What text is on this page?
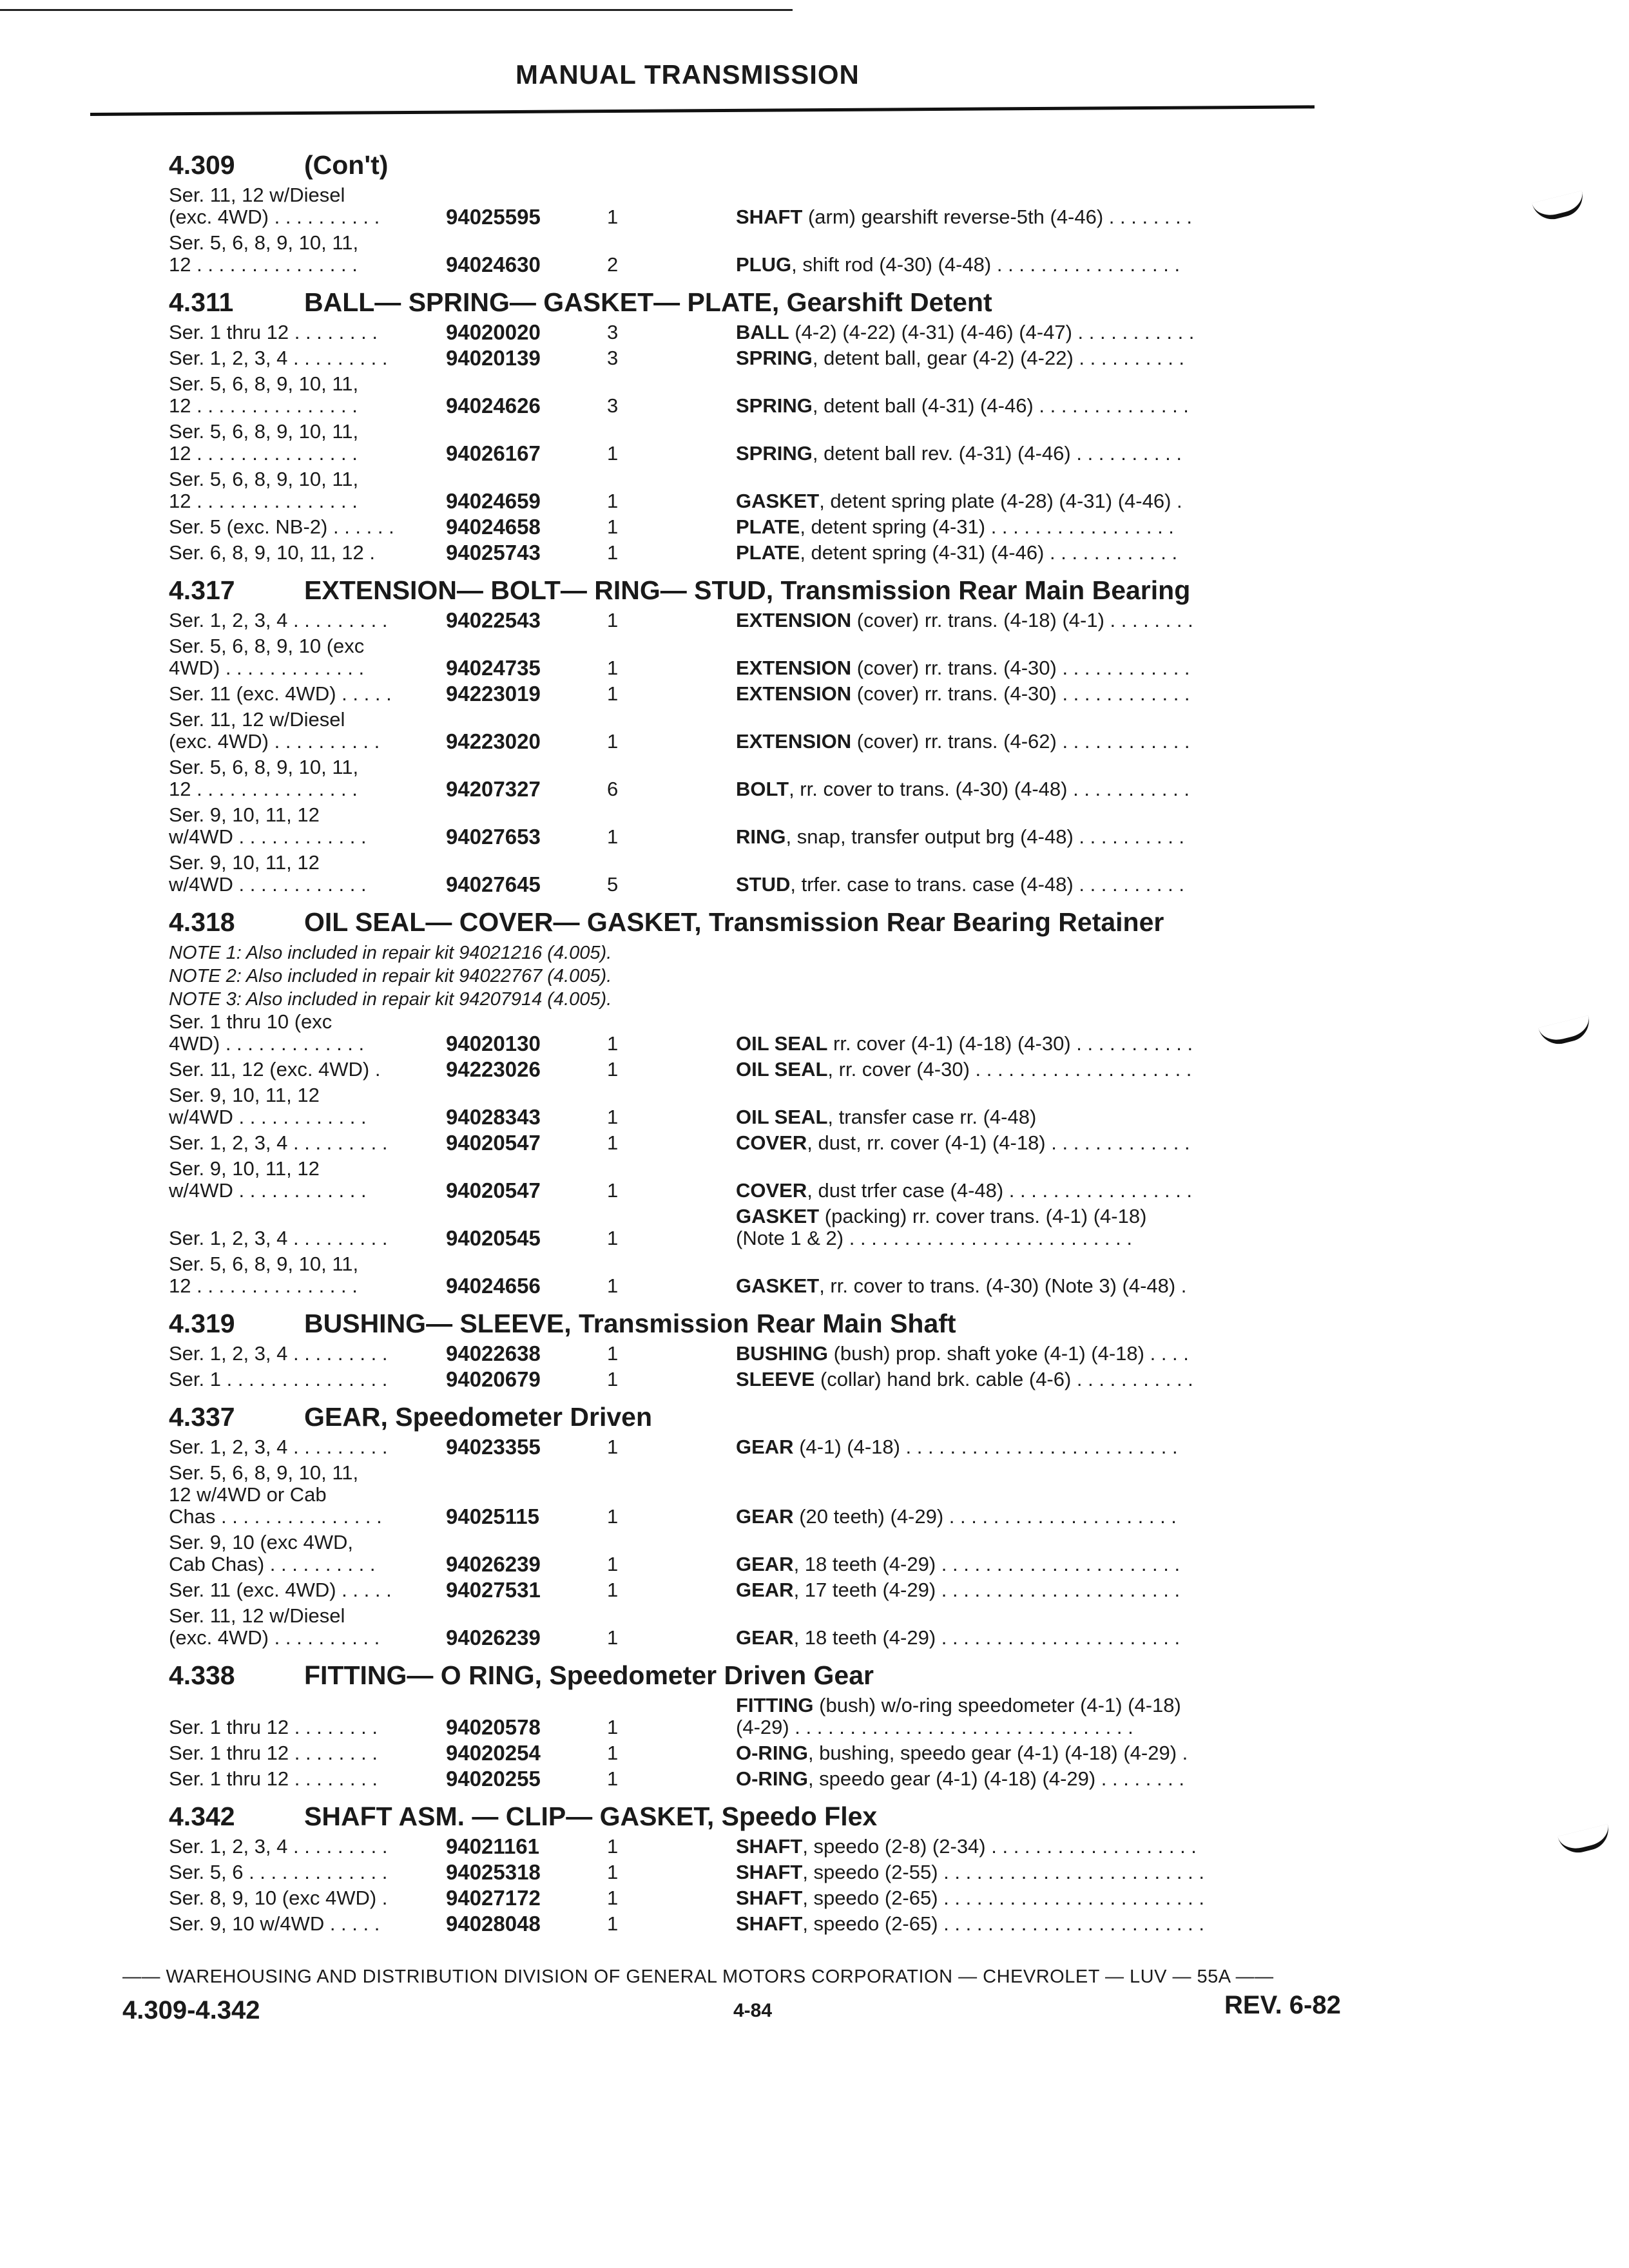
MANUAL TRANSMISSION
4.309	(Con't)
Ser. 11, 12 w/Diesel
(exc. 4WD) . . . . . . . . . .	94025595	1	SHAFT (arm) gearshift reverse-5th (4-46) . . . . . . . .
Ser. 5, 6, 8, 9, 10, 11,
12 . . . . . . . . . . . . . . .	94024630	2	PLUG, shift rod (4-30) (4-48) . . . . . . . . . . . . . . . . .
4.311	BALL— SPRING— GASKET— PLATE, Gearshift Detent
Ser. 1 thru 12 . . . . . . . .	94020020	3	BALL (4-2) (4-22) (4-31) (4-46) (4-47) . . . . . . . . . . .
Ser. 1, 2, 3, 4 . . . . . . . . .	94020139	3	SPRING, detent ball, gear (4-2) (4-22) . . . . . . . . . .
Ser. 5, 6, 8, 9, 10, 11,
12 . . . . . . . . . . . . . . .	94024626	3	SPRING, detent ball (4-31) (4-46) . . . . . . . . . . . . . .
Ser. 5, 6, 8, 9, 10, 11,
12 . . . . . . . . . . . . . . .	94026167	1	SPRING, detent ball rev. (4-31) (4-46) . . . . . . . . . .
Ser. 5, 6, 8, 9, 10, 11,
12 . . . . . . . . . . . . . . .	94024659	1	GASKET, detent spring plate (4-28) (4-31) (4-46) .
Ser. 5 (exc. NB-2) . . . . . .	94024658	1	PLATE, detent spring (4-31) . . . . . . . . . . . . . . . . .
Ser. 6, 8, 9, 10, 11, 12 .	94025743	1	PLATE, detent spring (4-31) (4-46) . . . . . . . . . . . .
4.317	EXTENSION— BOLT— RING— STUD, Transmission Rear Main Bearing
Ser. 1, 2, 3, 4 . . . . . . . . .	94022543	1	EXTENSION (cover) rr. trans. (4-18) (4-1) . . . . . . . .
Ser. 5, 6, 8, 9, 10 (exc
4WD) . . . . . . . . . . . . .	94024735	1	EXTENSION (cover) rr. trans. (4-30) . . . . . . . . . . . .
Ser. 11 (exc. 4WD) . . . . .	94223019	1	EXTENSION (cover) rr. trans. (4-30) . . . . . . . . . . . .
Ser. 11, 12 w/Diesel
(exc. 4WD) . . . . . . . . . .	94223020	1	EXTENSION (cover) rr. trans. (4-62) . . . . . . . . . . . .
Ser. 5, 6, 8, 9, 10, 11,
12 . . . . . . . . . . . . . . .	94207327	6	BOLT, rr. cover to trans. (4-30) (4-48) . . . . . . . . . . .
Ser. 9, 10, 11, 12
w/4WD . . . . . . . . . . . .	94027653	1	RING, snap, transfer output brg (4-48) . . . . . . . . . .
Ser. 9, 10, 11, 12
w/4WD . . . . . . . . . . . .	94027645	5	STUD, trfer. case to trans. case (4-48) . . . . . . . . . .
4.318	OIL SEAL— COVER— GASKET, Transmission Rear Bearing Retainer
NOTE 1: Also included in repair kit 94021216 (4.005).
NOTE 2: Also included in repair kit 94022767 (4.005).
NOTE 3: Also included in repair kit 94207914 (4.005).
Ser. 1 thru 10 (exc
4WD) . . . . . . . . . . . . .	94020130	1	OIL SEAL rr. cover (4-1) (4-18) (4-30) . . . . . . . . . . .
Ser. 11, 12 (exc. 4WD) .	94223026	1	OIL SEAL, rr. cover (4-30) . . . . . . . . . . . . . . . . . . . .
Ser. 9, 10, 11, 12
w/4WD . . . . . . . . . . . .	94028343	1	OIL SEAL, transfer case rr. (4-48)
Ser. 1, 2, 3, 4 . . . . . . . . .	94020547	1	COVER, dust, rr. cover (4-1) (4-18) . . . . . . . . . . . . .
Ser. 9, 10, 11, 12
w/4WD . . . . . . . . . . . .	94020547	1	COVER, dust trfer case (4-48) . . . . . . . . . . . . . . . . .
Ser. 1, 2, 3, 4 . . . . . . . . .	94020545	1
GASKET (packing) rr. cover trans. (4-1) (4-18)
(Note 1 & 2) . . . . . . . . . . . . . . . . . . . . . . . . . .
Ser. 5, 6, 8, 9, 10, 11,
12 . . . . . . . . . . . . . . .	94024656	1	GASKET, rr. cover to trans. (4-30) (Note 3) (4-48) .
4.319	BUSHING— SLEEVE, Transmission Rear Main Shaft
Ser. 1, 2, 3, 4 . . . . . . . . .	94022638	1	BUSHING (bush) prop. shaft yoke (4-1) (4-18) . . . .
Ser. 1 . . . . . . . . . . . . . . .	94020679	1	SLEEVE (collar) hand brk. cable (4-6) . . . . . . . . . . .
4.337	GEAR, Speedometer Driven
Ser. 1, 2, 3, 4 . . . . . . . . .	94023355	1	GEAR (4-1) (4-18) . . . . . . . . . . . . . . . . . . . . . . . . .
Ser. 5, 6, 8, 9, 10, 11,
12 w/4WD or Cab
Chas . . . . . . . . . . . . . . .	94025115	1	GEAR (20 teeth) (4-29) . . . . . . . . . . . . . . . . . . . . .
Ser. 9, 10 (exc 4WD,
Cab Chas) . . . . . . . . . .	94026239	1	GEAR, 18 teeth (4-29) . . . . . . . . . . . . . . . . . . . . . .
Ser. 11 (exc. 4WD) . . . . .	94027531	1	GEAR, 17 teeth (4-29) . . . . . . . . . . . . . . . . . . . . . .
Ser. 11, 12 w/Diesel
(exc. 4WD) . . . . . . . . . .	94026239	1	GEAR, 18 teeth (4-29) . . . . . . . . . . . . . . . . . . . . . .
4.338	FITTING— O RING, Speedometer Driven Gear
Ser. 1 thru 12 . . . . . . . .	94020578	1
FITTING (bush) w/o-ring speedometer (4-1) (4-18)
(4-29) . . . . . . . . . . . . . . . . . . . . . . . . . . . . . . .
Ser. 1 thru 12 . . . . . . . .	94020254	1	O-RING, bushing, speedo gear (4-1) (4-18) (4-29) .
Ser. 1 thru 12 . . . . . . . .	94020255	1	O-RING, speedo gear (4-1) (4-18) (4-29) . . . . . . . .
4.342	SHAFT ASM. — CLIP— GASKET, Speedo Flex
Ser. 1, 2, 3, 4 . . . . . . . . .	94021161	1	SHAFT, speedo (2-8) (2-34) . . . . . . . . . . . . . . . . . . .
Ser. 5, 6 . . . . . . . . . . . . .	94025318	1	SHAFT, speedo (2-55) . . . . . . . . . . . . . . . . . . . . . . . .
Ser. 8, 9, 10 (exc 4WD) .	94027172	1	SHAFT, speedo (2-65) . . . . . . . . . . . . . . . . . . . . . . . .
Ser. 9, 10 w/4WD . . . . .	94028048	1	SHAFT, speedo (2-65) . . . . . . . . . . . . . . . . . . . . . . . .
—— WAREHOUSING AND DISTRIBUTION DIVISION OF GENERAL MOTORS CORPORATION — CHEVROLET — LUV — 55A ——
4.309-4.342	4-84	REV. 6-82
